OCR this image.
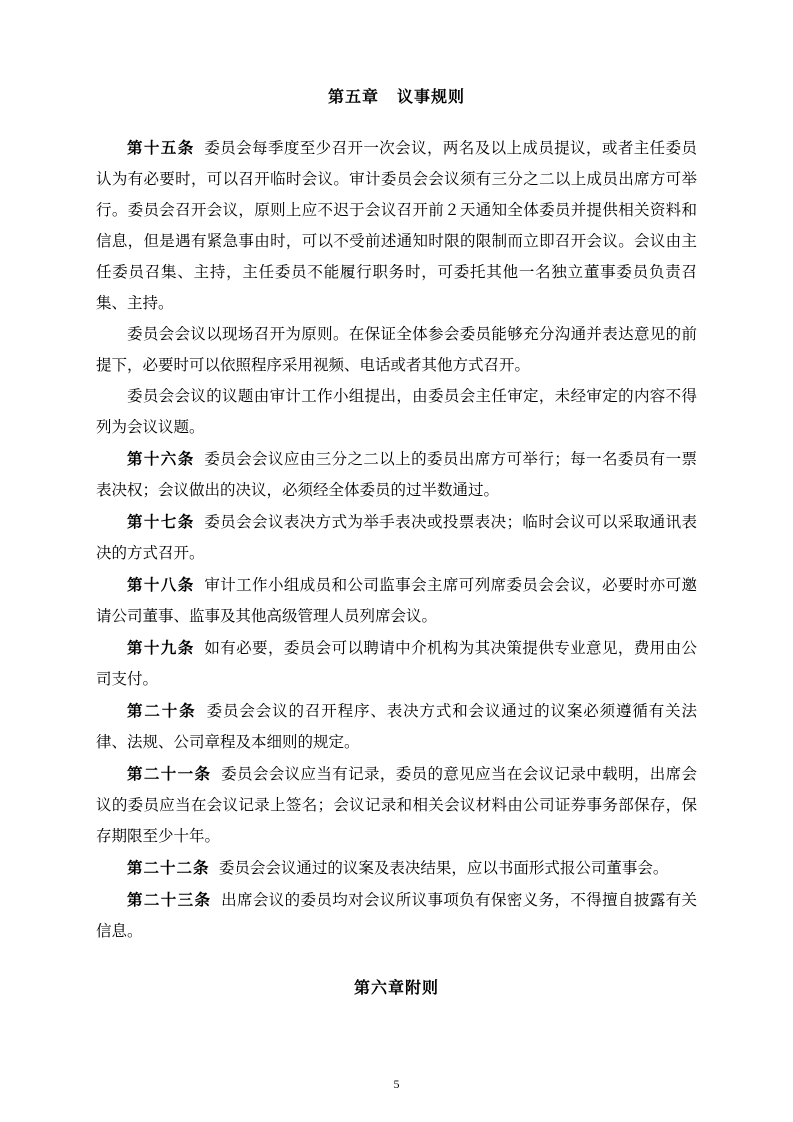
第五章 议事规则

第十五条 委员会每季度至少召开一次会议，两名及以上成员提议，或者主任委员认为有必要时，可以召开临时会议。审计委员会会议须有三分之二以上成员出席方可举行。委员会召开会议，原则上应不迟于会议召开前２天通知全体委员并提供相关资料和信息，但是遇有紧急事由时，可以不受前述通知时限的限制而立即召开会议。会议由主任委员召集、主持，主任委员不能履行职务时，可委托其他一名独立董事委员负责召集、主持。

委员会会议以现场召开为原则。在保证全体参会委员能够充分沟通并表达意见的前提下，必要时可以依照程序采用视频、电话或者其他方式召开。

委员会会议的议题由审计工作小组提出，由委员会主任审定，未经审定的内容不得列为会议议题。

第十六条 委员会会议应由三分之二以上的委员出席方可举行；每一名委员有一票表决权；会议做出的决议，必须经全体委员的过半数通过。

第十七条 委员会会议表决方式为举手表决或投票表决；临时会议可以采取通讯表决的方式召开。

第十八条 审计工作小组成员和公司监事会主席可列席委员会会议，必要时亦可邀请公司董事、监事及其他高级管理人员列席会议。

第十九条 如有必要，委员会可以聘请中介机构为其决策提供专业意见，费用由公司支付。

第二十条 委员会会议的召开程序、表决方式和会议通过的议案必须遵循有关法律、法规、公司章程及本细则的规定。

第二十一条 委员会会议应当有记录，委员的意见应当在会议记录中载明，出席会议的委员应当在会议记录上签名；会议记录和相关会议材料由公司证券事务部保存，保存期限至少十年。

第二十二条 委员会会议通过的议案及表决结果，应以书面形式报公司董事会。

第二十三条 出席会议的委员均对会议所议事项负有保密义务，不得擅自披露有关信息。

第六章附则
5
